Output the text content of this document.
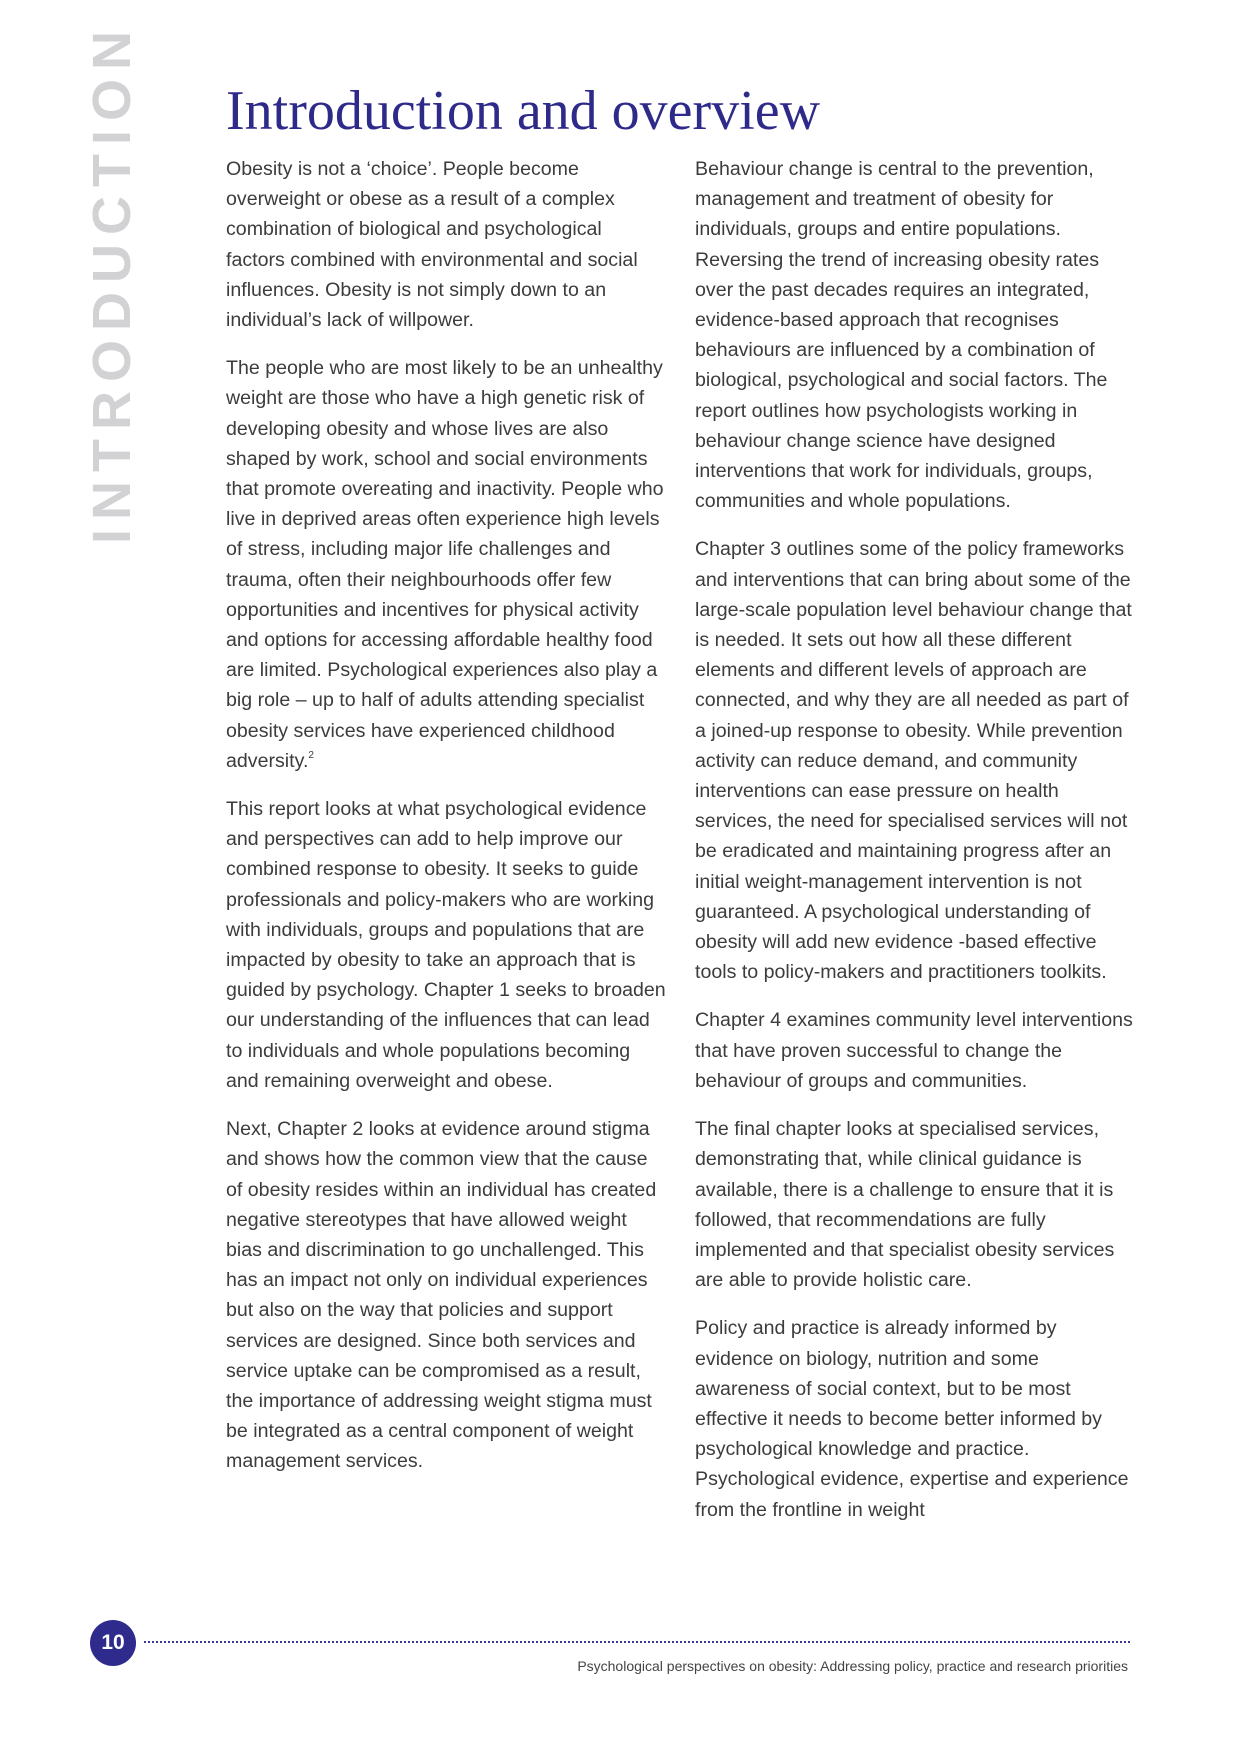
INTRODUCTION Introduction and overview

Obesity is not a ‘choice’. People become overweight or obese as a result of a complex combination of biological and psychological factors combined with environmental and social influences. Obesity is not simply down to an individual’s lack of willpower.

The people who are most likely to be an unhealthy weight are those who have a high genetic risk of developing obesity and whose lives are also shaped by work, school and social environments that promote overeating and inactivity. People who live in deprived areas often experience high levels of stress, including major life challenges and trauma, often their neighbourhoods offer few opportunities and incentives for physical activity and options for accessing affordable healthy food are limited. Psychological experiences also play a big role – up to half of adults attending specialist obesity services have experienced childhood adversity.$^2$

This report looks at what psychological evidence and perspectives can add to help improve our combined response to obesity. It seeks to guide professionals and policy-makers who are working with individuals, groups and populations that are impacted by obesity to take an approach that is guided by psychology. Chapter 1 seeks to broaden our understanding of the influences that can lead to individuals and whole populations becoming and remaining overweight and obese.

Next, Chapter 2 looks at evidence around stigma and shows how the common view that the cause of obesity resides within an individual has created negative stereotypes that have allowed weight bias and discrimination to go unchallenged. This has an impact not only on individual experiences but also on the way that policies and support services are designed. Since both services and service uptake can be compromised as a result, the importance of addressing weight stigma must be integrated as a central component of weight management services.

Behaviour change is central to the prevention, management and treatment of obesity for individuals, groups and entire populations. Reversing the trend of increasing obesity rates over the past decades requires an integrated, evidence-based approach that recognises behaviours are influenced by a combination of biological, psychological and social factors. The report outlines how psychologists working in behaviour change science have designed interventions that work for individuals, groups, communities and whole populations.

Chapter 3 outlines some of the policy frameworks and interventions that can bring about some of the large-scale population level behaviour change that is needed. It sets out how all these different elements and different levels of approach are connected, and why they are all needed as part of a joined-up response to obesity. While prevention activity can reduce demand, and community interventions can ease pressure on health services, the need for specialised services will not be eradicated and maintaining progress after an initial weight-management intervention is not guaranteed. A psychological understanding of obesity will add new evidence -based effective tools to policy-makers and practitioners toolkits.

Chapter 4 examines community level interventions that have proven successful to change the behaviour of groups and communities.

The final chapter looks at specialised services, demonstrating that, while clinical guidance is available, there is a challenge to ensure that it is followed, that recommendations are fully implemented and that specialist obesity services are able to provide holistic care.

Policy and practice is already informed by evidence on biology, nutrition and some awareness of social context, but to be most effective it needs to become better informed by psychological knowledge and practice. Psychological evidence, expertise and experience from the frontline in weight

10
Psychological perspectives on obesity: Addressing policy, practice and research priorities
